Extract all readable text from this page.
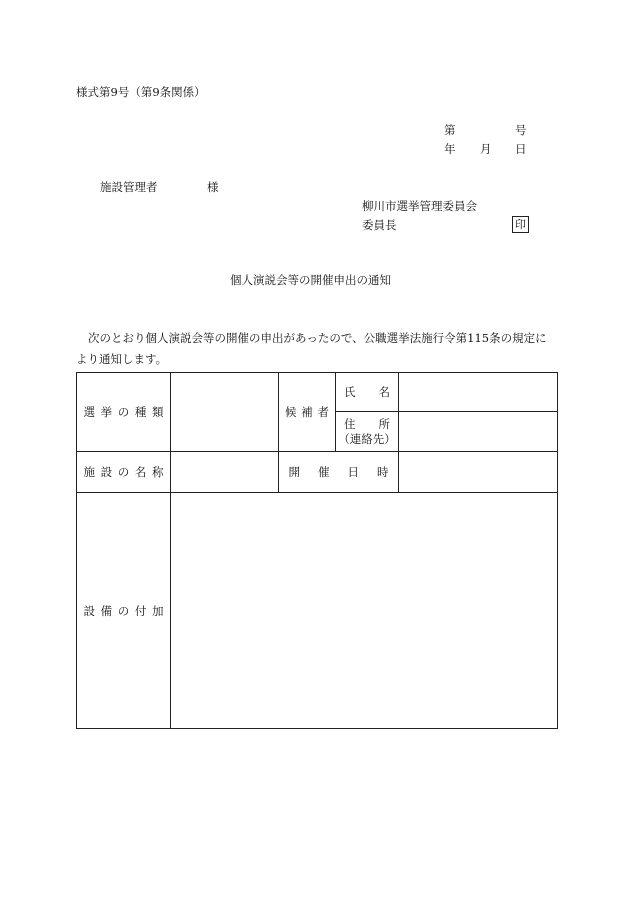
様式第9号（第9条関係）
第	号
年 月 日
施設管理者	様
柳川市選挙管理委員会
委員長	印
個人演説会等の開催申出の通知
次のとおり個人演説会等の開催の申出があったので、公職選挙法施行令第115条の規定により通知します。
選 挙 の 種 類		候 補 者	氏 名	

			住 所
（連絡先）	

施 設 の 名 称		開 催 日 時		

設 備 の 付 加				
